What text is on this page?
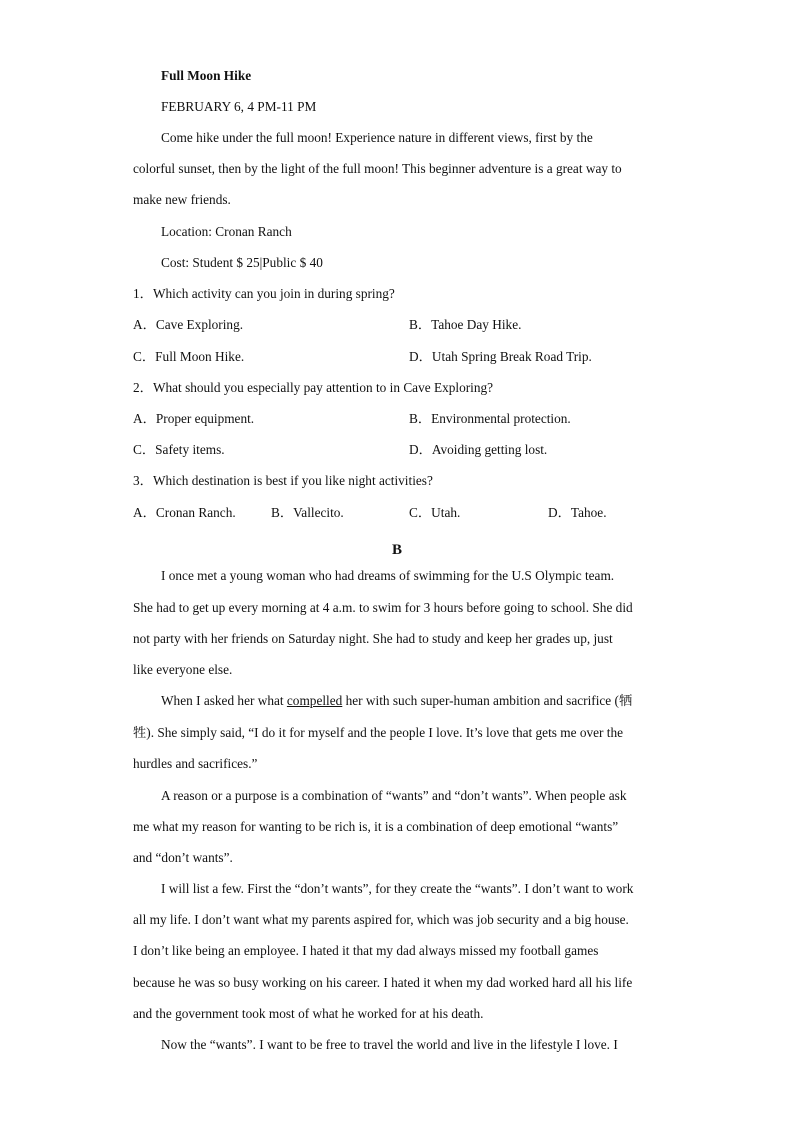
Full Moon Hike
FEBRUARY 6, 4 PM-11 PM
Come hike under the full moon! Experience nature in different views, first by the
colorful sunset, then by the light of the full moon! This beginner adventure is a great way to
make new friends.
Location: Cronan Ranch
Cost: Student $ 25|Public $ 40
1．Which activity can you join in during spring?
A．Cave Exploring.	B．Tahoe Day Hike.
C．Full Moon Hike.	D．Utah Spring Break Road Trip.
2．What should you especially pay attention to in Cave Exploring?
A．Proper equipment.	B．Environmental protection.
C．Safety items.	D．Avoiding getting lost.
3．Which destination is best if you like night activities?
A．Cronan Ranch.	B．Vallecito.	C．Utah.	D．Tahoe.
B
I once met a young woman who had dreams of swimming for the U.S Olympic team.
She had to get up every morning at 4 a.m. to swim for 3 hours before going to school. She did
not party with her friends on Saturday night. She had to study and keep her grades up, just
like everyone else.
When I asked her what compelled her with such super-human ambition and sacrifice (牺
牲). She simply said, “I do it for myself and the people I love. It’s love that gets me over the
hurdles and sacrifices.”
A reason or a purpose is a combination of “wants” and “don’t wants”. When people ask
me what my reason for wanting to be rich is, it is a combination of deep emotional “wants”
and “don’t wants”.
I will list a few. First the “don’t wants”, for they create the “wants”. I don’t want to work
all my life. I don’t want what my parents aspired for, which was job security and a big house.
I don’t like being an employee. I hated it that my dad always missed my football games
because he was so busy working on his career. I hated it when my dad worked hard all his life
and the government took most of what he worked for at his death.
Now the “wants”. I want to be free to travel the world and live in the lifestyle I love. I
